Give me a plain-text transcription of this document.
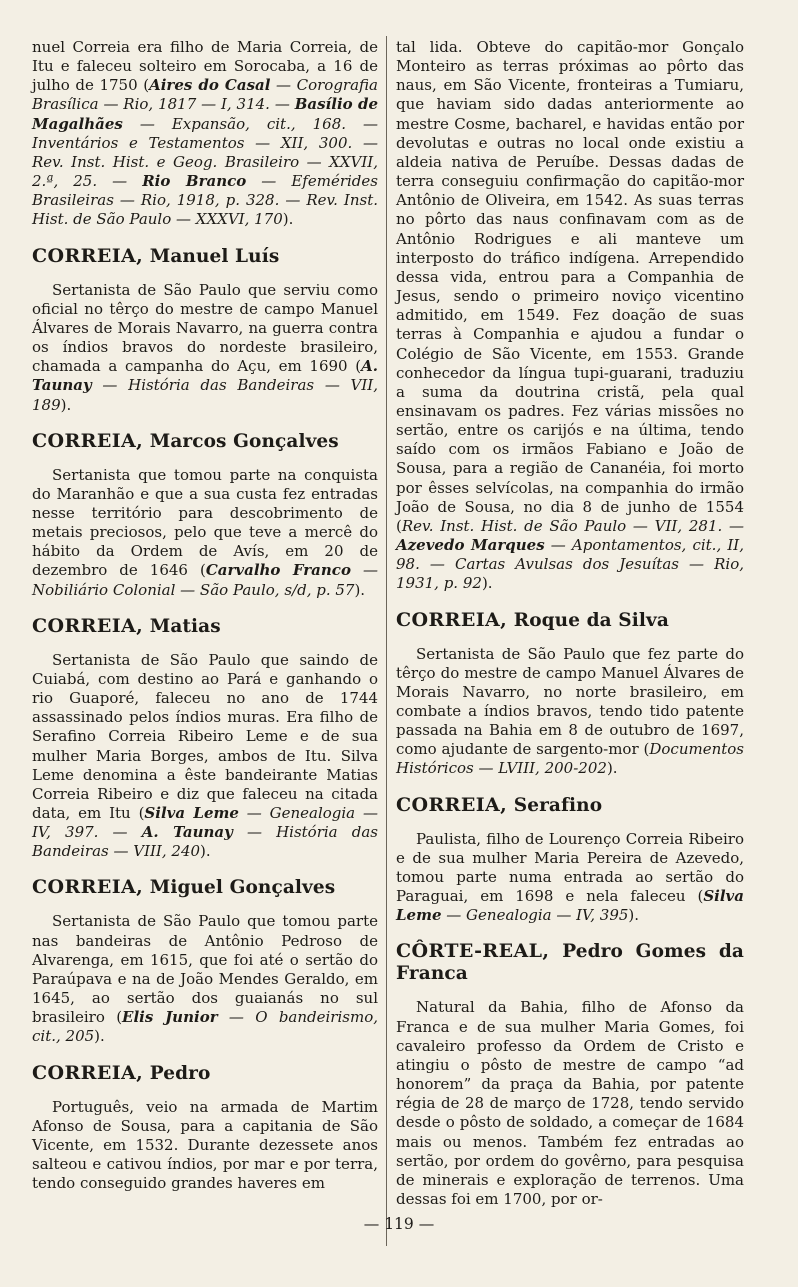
nuel Correia era filho de Maria Correia, de Itu e faleceu solteiro em Sorocaba, a 16 de julho de 1750 (Aires do Casal — Corografia Brasílica — Rio, 1817 — I, 314. — Basílio de Magalhães — Expansão, cit., 168. — Inventários e Testamentos — XII, 300. — Rev. Inst. Hist. e Geog. Brasileiro — XXVII, 2.ª, 25. — Rio Branco — Efemérides Brasileiras — Rio, 1918, p. 328. — Rev. Inst. Hist. de São Paulo — XXXVI, 170).

CORREIA, Manuel Luís

Sertanista de São Paulo que serviu como oficial no têrço do mestre de campo Manuel Álvares de Morais Navarro, na guerra contra os índios bravos do nordeste brasileiro, chamada a campanha do Açu, em 1690 (A. Taunay — História das Bandeiras — VII, 189).

CORREIA, Marcos Gonçalves

Sertanista que tomou parte na conquista do Maranhão e que a sua custa fez entradas nesse território para descobrimento de metais preciosos, pelo que teve a mercê do hábito da Ordem de Avís, em 20 de dezembro de 1646 (Carvalho Franco — Nobiliário Colonial — São Paulo, s/d, p. 57).

CORREIA, Matias

Sertanista de São Paulo que saindo de Cuiabá, com destino ao Pará e ganhando o rio Guaporé, faleceu no ano de 1744 assassinado pelos índios muras. Era filho de Serafino Correia Ribeiro Leme e de sua mulher Maria Borges, ambos de Itu. Silva Leme denomina a êste bandeirante Matias Correia Ribeiro e diz que faleceu na citada data, em Itu (Silva Leme — Genealogia — IV, 397. — A. Taunay — História das Bandeiras — VIII, 240).

CORREIA, Miguel Gonçalves

Sertanista de São Paulo que tomou parte nas bandeiras de Antônio Pedroso de Alvarenga, em 1615, que foi até o sertão do Paraúpava e na de João Mendes Geraldo, em 1645, ao sertão dos guaianás no sul brasileiro (Elis Junior — O bandeirismo, cit., 205).

CORREIA, Pedro

Português, veio na armada de Martim Afonso de Sousa, para a capitania de São Vicente, em 1532. Durante dezessete anos salteou e cativou índios, por mar e por terra, tendo conseguido grandes haveres em

tal lida. Obteve do capitão-mor Gonçalo Monteiro as terras próximas ao pôrto das naus, em São Vicente, fronteiras a Tumiaru, que haviam sido dadas anteriormente ao mestre Cosme, bacharel, e havidas então por devolutas e outras no local onde existiu a aldeia nativa de Peruíbe. Dessas dadas de terra conseguiu confirmação do capitão-mor Antônio de Oliveira, em 1542. As suas terras no pôrto das naus confinavam com as de Antônio Rodrigues e ali manteve um interposto do tráfico indígena. Arrependido dessa vida, entrou para a Companhia de Jesus, sendo o primeiro noviço vicentino admitido, em 1549. Fez doação de suas terras à Companhia e ajudou a fundar o Colégio de São Vicente, em 1553. Grande conhecedor da língua tupi-guarani, traduziu a suma da doutrina cristã, pela qual ensinavam os padres. Fez várias missões no sertão, entre os carijós e na última, tendo saído com os irmãos Fabiano e João de Sousa, para a região de Cananéia, foi morto por êsses selvícolas, na companhia do irmão João de Sousa, no dia 8 de junho de 1554 (Rev. Inst. Hist. de São Paulo — VII, 281. — Azevedo Marques — Apontamentos, cit., II, 98. — Cartas Avulsas dos Jesuítas — Rio, 1931, p. 92).

CORREIA, Roque da Silva

Sertanista de São Paulo que fez parte do têrço do mestre de campo Manuel Álvares de Morais Navarro, no norte brasileiro, em combate a índios bravos, tendo tido patente passada na Bahia em 8 de outubro de 1697, como ajudante de sargento-mor (Documentos Históricos — LVIII, 200-202).

CORREIA, Serafino

Paulista, filho de Lourenço Correia Ribeiro e de sua mulher Maria Pereira de Azevedo, tomou parte numa entrada ao sertão do Paraguai, em 1698 e nela faleceu (Silva Leme — Genealogia — IV, 395).

CÔRTE-REAL, Pedro Gomes da Franca

Natural da Bahia, filho de Afonso da Franca e de sua mulher Maria Gomes, foi cavaleiro professo da Ordem de Cristo e atingiu o pôsto de mestre de campo “ad honorem” da praça da Bahia, por patente régia de 28 de março de 1728, tendo servido desde o pôsto de soldado, a começar de 1684 mais ou menos. Também fez entradas ao sertão, por ordem do govêrno, para pesquisa de minerais e exploração de terrenos. Uma dessas foi em 1700, por or-

— 119 —
